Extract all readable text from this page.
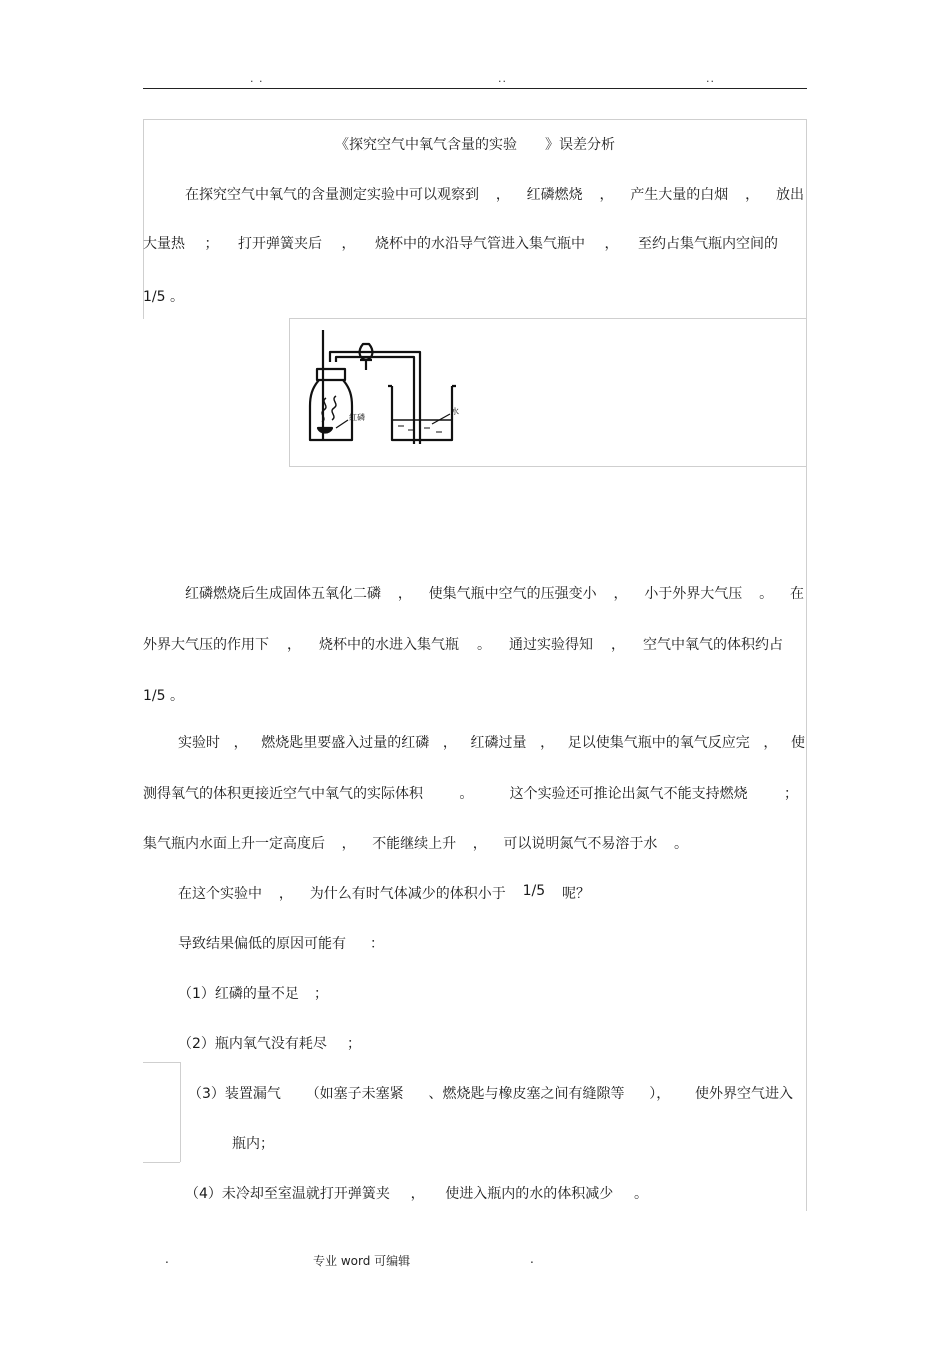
. .	..	..
《探究空气中氧气含量的实验　　》误差分析
在探究空气中氧气的含量测定实验中可以观察到 ， 红磷燃烧 ， 产生大量的白烟 ， 放出
大量热 ； 打开弹簧夹后 ， 烧杯中的水沿导气管进入集气瓶中 ， 至约占集气瓶内空间的
1/5 。
红磷
水
红磷燃烧后生成固体五氧化二磷 ， 使集气瓶中空气的压强变小 ， 小于外界大气压 。 在
外界大气压的作用下 ， 烧杯中的水进入集气瓶 。 通过实验得知 ， 空气中氧气的体积约占
1/5 。
实验时 ， 燃烧匙里要盛入过量的红磷 ， 红磷过量 ， 足以使集气瓶中的氧气反应完 ， 使
测得氧气的体积更接近空气中氧气的实际体积	。	这个实验还可推论出氮气不能支持燃烧	；
集气瓶内水面上升一定高度后 ， 不能继续上升 ， 可以说明氮气不易溶于水 。
在这个实验中 ， 为什么有时气体减少的体积小于 1/5 呢？
导致结果偏低的原因可能有 ：
（1）红磷的量不足 ；
（2）瓶内氧气没有耗尽 ；
（3）装置漏气 （如塞子未塞紧 、燃烧匙与橡皮塞之间有缝隙等 ）， 使外界空气进入
瓶内；
（4）未冷却至室温就打开弹簧夹 ， 使进入瓶内的水的体积减少 。
.	专业 word 可编辑	.
